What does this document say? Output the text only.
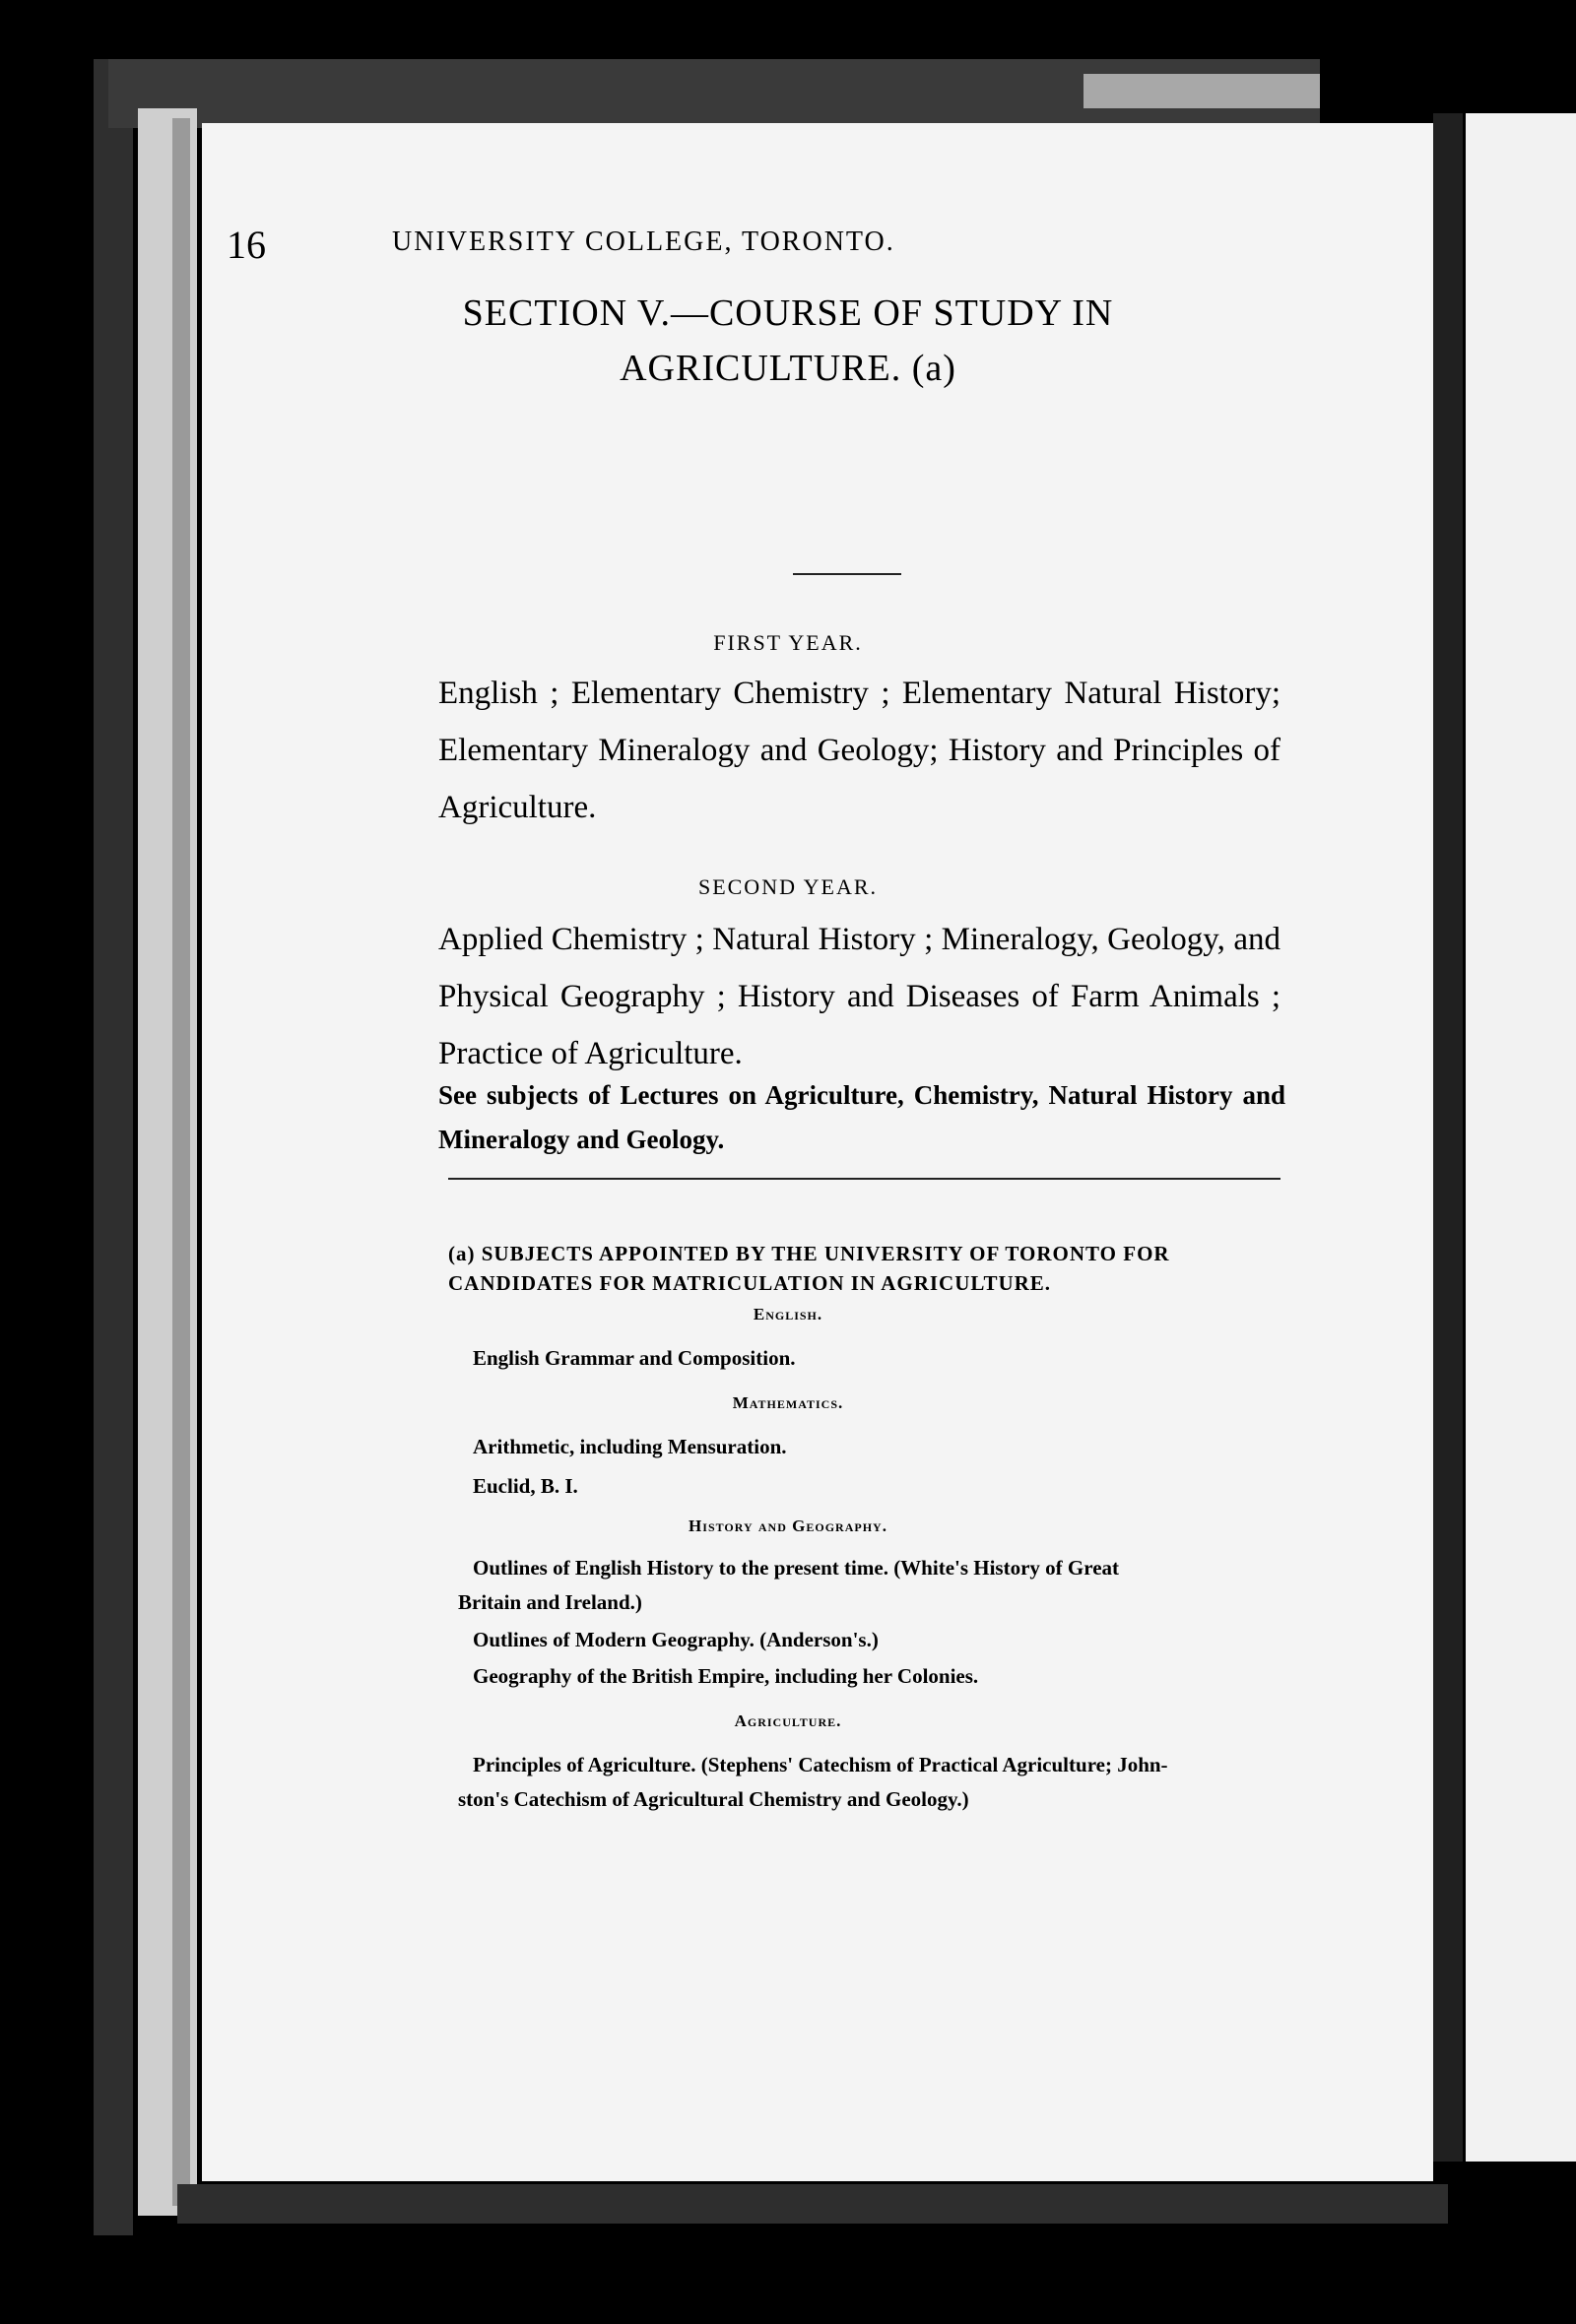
16	UNIVERSITY COLLEGE, TORONTO.
SECTION V.—COURSE OF STUDY IN
AGRICULTURE. (a)
FIRST YEAR.

English ; Elementary Chemistry ; Elementary Natural History; Elementary Mineralogy and Geology; History and Principles of Agriculture.

SECOND YEAR.

Applied Chemistry ; Natural History ; Mineralogy, Geology, and Physical Geography ; History and Diseases of Farm Animals ; Practice of Agriculture.

See subjects of Lectures on Agriculture, Chemistry, Natural History and Mineralogy and Geology.

(a) SUBJECTS APPOINTED BY THE UNIVERSITY OF TORONTO FOR CANDIDATES FOR MATRICULATION IN AGRICULTURE.

English.

English Grammar and Composition.

Mathematics.

Arithmetic, including Mensuration.

Euclid, B. I.

History and Geography.

Outlines of English History to the present time. (White's History of Great

Britain and Ireland.)

Outlines of Modern Geography. (Anderson's.)

Geography of the British Empire, including her Colonies.

Agriculture.

Principles of Agriculture. (Stephens' Catechism of Practical Agriculture; John-

ston's Catechism of Agricultural Chemistry and Geology.)
